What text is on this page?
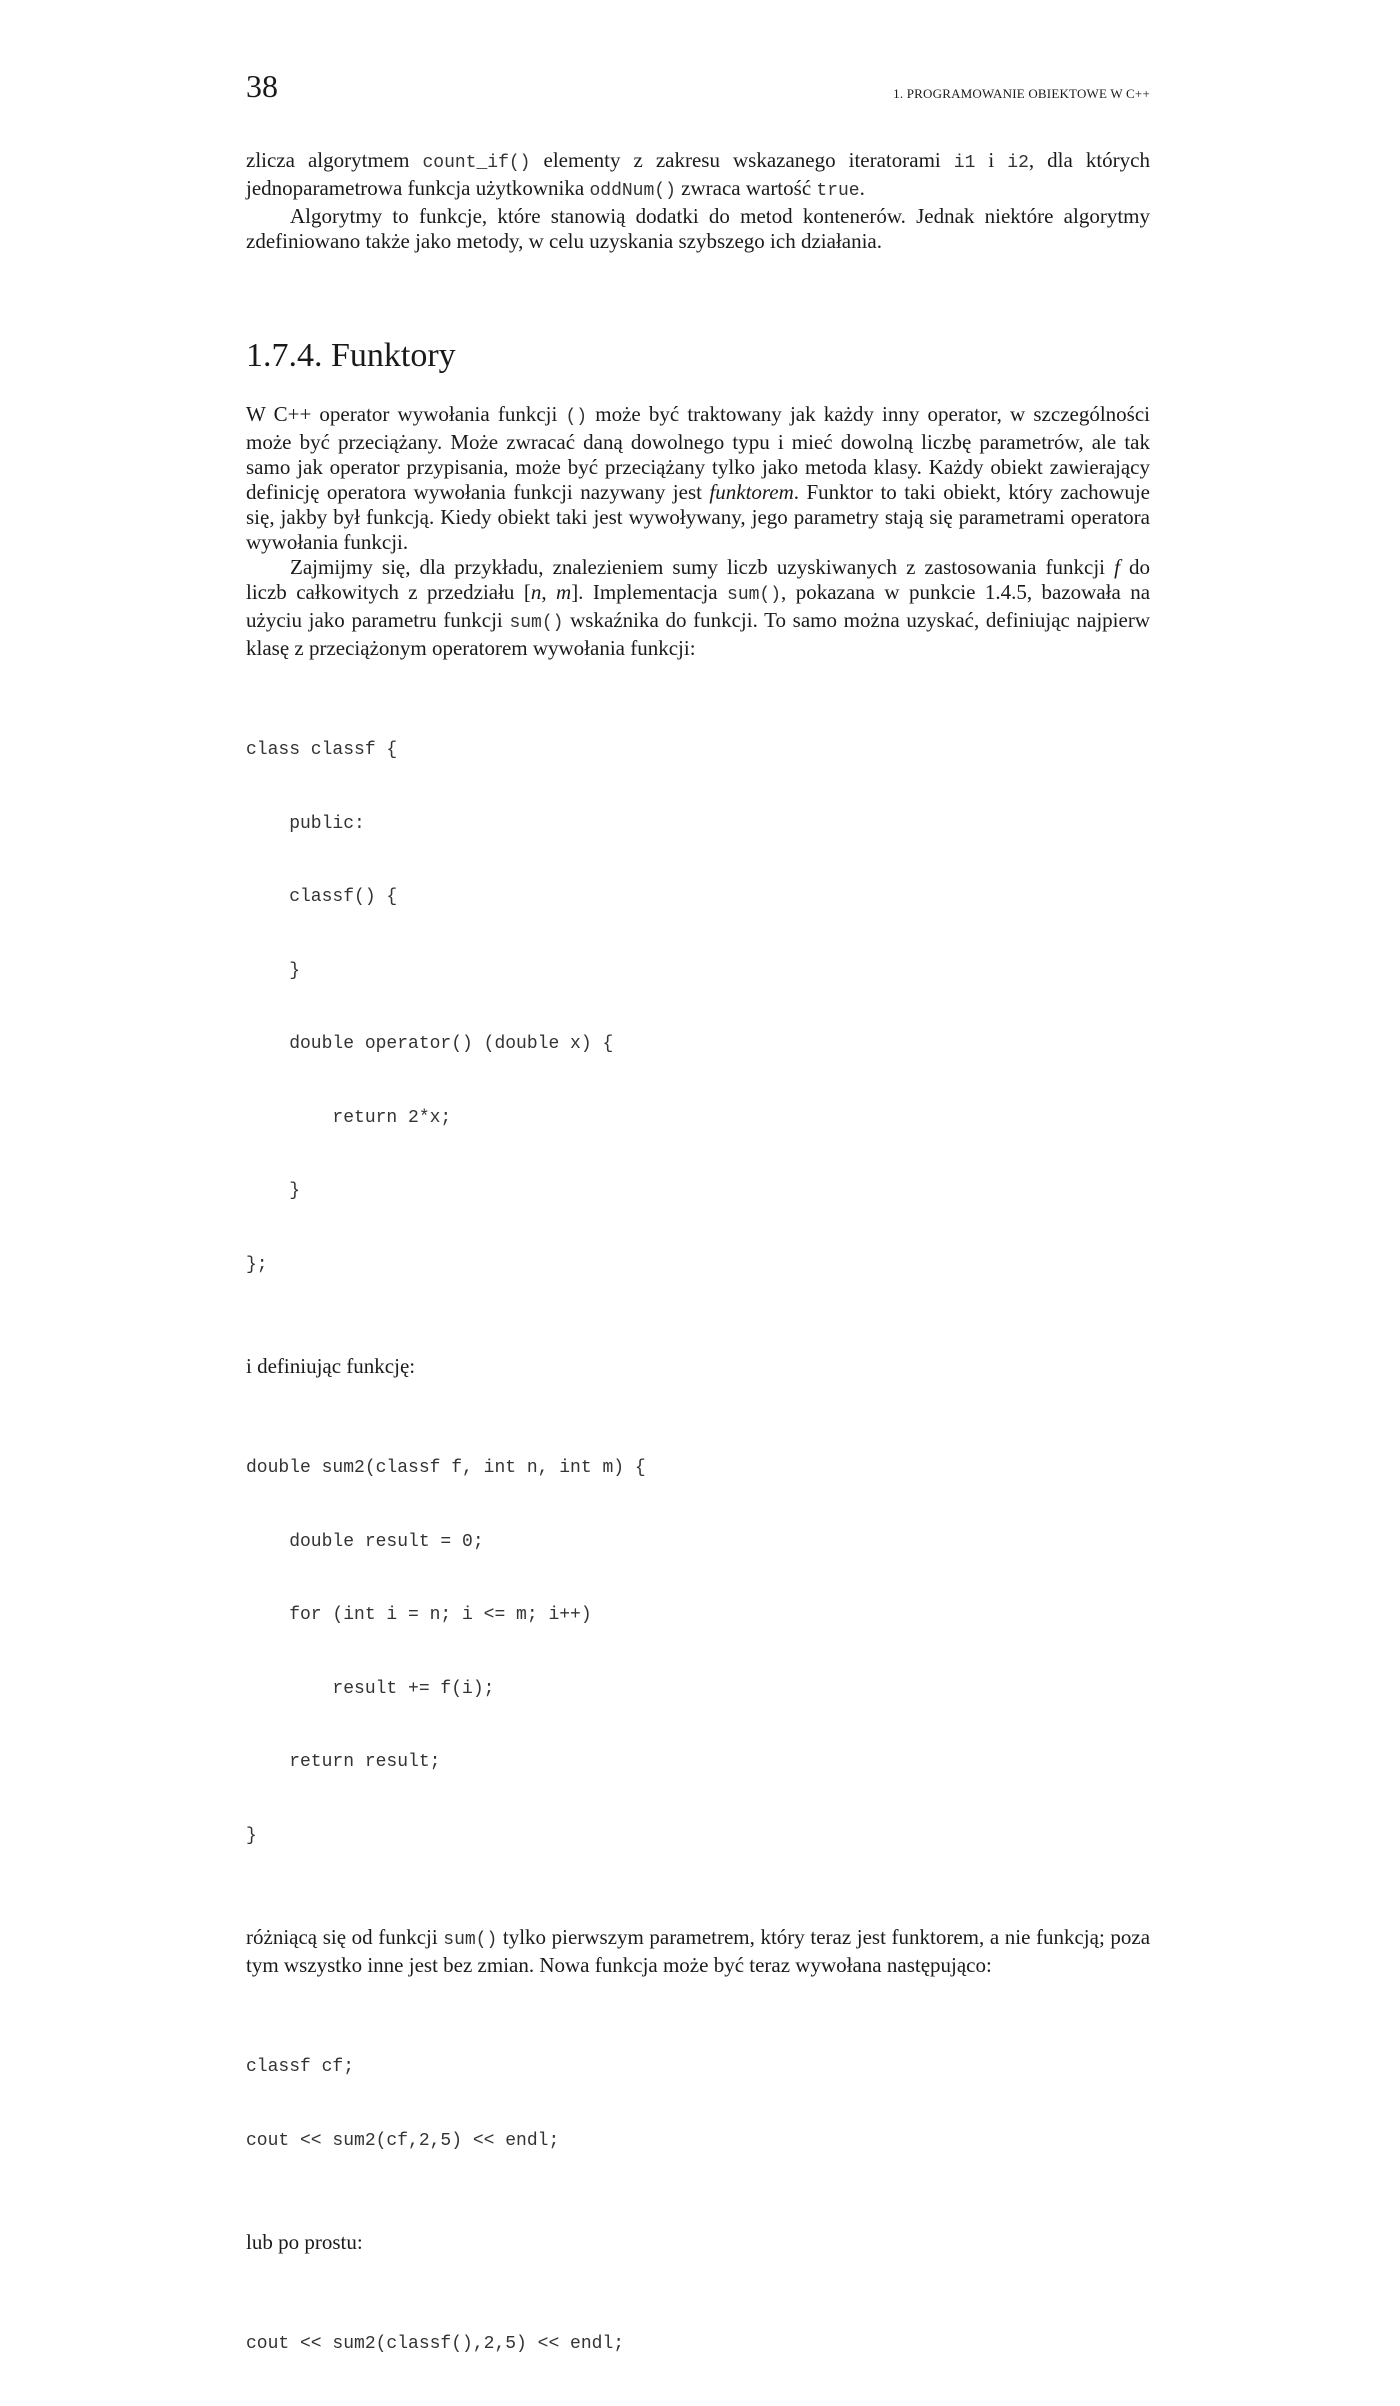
38	1. PROGRAMOWANIE OBIEKTOWE W C++

zlicza algorytmem count_if() elementy z zakresu wskazanego iteratorami i1 i i2, dla których jednoparametrowa funkcja użytkownika oddNum() zwraca wartość true.

Algorytmy to funkcje, które stanowią dodatki do metod kontenerów. Jednak niektóre algorytmy zdefiniowano także jako metody, w celu uzyskania szybszego ich działania.

1.7.4. Funktory

W C++ operator wywołania funkcji () może być traktowany jak każdy inny operator, w szczególności może być przeciążany. Może zwracać daną dowolnego typu i mieć dowolną liczbę parametrów, ale tak samo jak operator przypisania, może być przeciążany tylko jako metoda klasy. Każdy obiekt zawierający definicję operatora wywołania funkcji nazywany jest funktorem. Funktor to taki obiekt, który zachowuje się, jakby był funkcją. Kiedy obiekt taki jest wywoływany, jego parametry stają się parametrami operatora wywołania funkcji.

Zajmijmy się, dla przykładu, znalezieniem sumy liczb uzyskiwanych z zastosowania funkcji f do liczb całkowitych z przedziału [n, m]. Implementacja sum(), pokazana w punkcie 1.4.5, bazowała na użyciu jako parametru funkcji sum() wskaźnika do funkcji. To samo można uzyskać, definiując najpierw klasę z przeciążonym operatorem wywołania funkcji:

class classf {

public:

classf() {

}

double operator() (double x) {

return 2*x;

}

};

i definiując funkcję:

double sum2(classf f, int n, int m) {

double result = 0;

for (int i = n; i <= m; i++)

result += f(i);

return result;

}

różniącą się od funkcji sum() tylko pierwszym parametrem, który teraz jest funktorem, a nie funkcją; poza tym wszystko inne jest bez zmian. Nowa funkcja może być teraz wywołana następująco:

classf cf;

cout << sum2(cf,2,5) << endl;

lub po prostu:

cout << sum2(classf(),2,5) << endl;
